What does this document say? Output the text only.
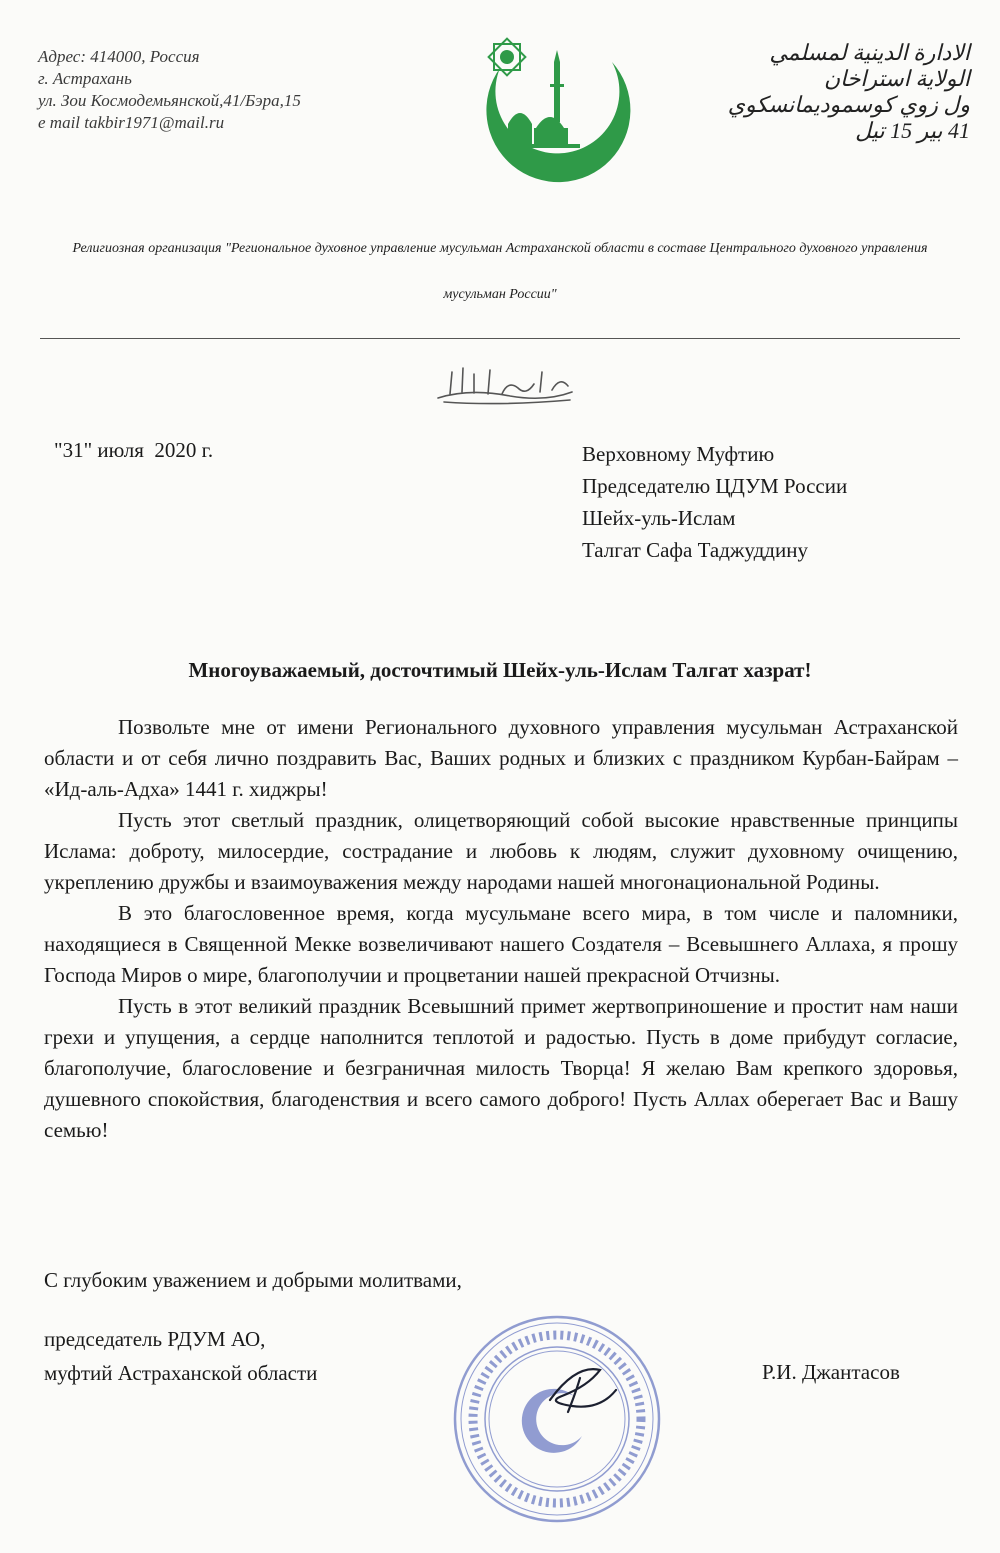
Адрес: 414000, Россия
г. Астрахань
ул. Зои Космодемьянской,41/Бэра,15
e mail takbir1971@mail.ru
الادارة الدينية لمسلمي
الولاية استراخان
ول زوي كوسموديمانسكوي
41 بير 15 تيل
Религиозная организация "Региональное духовное управление мусульман Астраханской области в составе Центрального духовного управления мусульман России"
"31" июля  2020 г.	Верховному Муфтию
Председателю ЦДУМ России
Шейх-уль-Ислам
Талгат Сафа Таджуддину
Многоуважаемый, досточтимый Шейх-уль-Ислам Талгат хазрат!

Позвольте мне от имени Регионального духовного управления мусульман Астраханской области и от себя лично поздравить Вас, Ваших родных и близких с праздником Курбан-Байрам – «Ид-аль-Адха» 1441 г. хиджры!

Пусть этот светлый праздник, олицетворяющий собой высокие нравственные принципы Ислама: доброту, милосердие, сострадание и любовь к людям, служит духовному очищению, укреплению дружбы и взаимоуважения между народами нашей многонациональной Родины.

В это благословенное время, когда мусульмане всего мира, в том числе и паломники, находящиеся в Священной Мекке возвеличивают нашего Создателя – Всевышнего Аллаха, я прошу Господа Миров о мире, благополучии и процветании нашей прекрасной Отчизны.

Пусть в этот великий праздник Всевышний примет жертвоприношение и простит нам наши грехи и упущения, а сердце наполнится теплотой и радостью. Пусть в доме прибудут согласие, благополучие, благословение и безграничная милость Творца! Я желаю Вам крепкого здоровья, душевного спокойствия, благоденствия и всего самого доброго! Пусть Аллах оберегает Вас и Вашу семью!

С глубоким уважением и добрыми молитвами,
председатель РДУМ АО,
муфтий Астраханской области	Р.И. Джантасов
